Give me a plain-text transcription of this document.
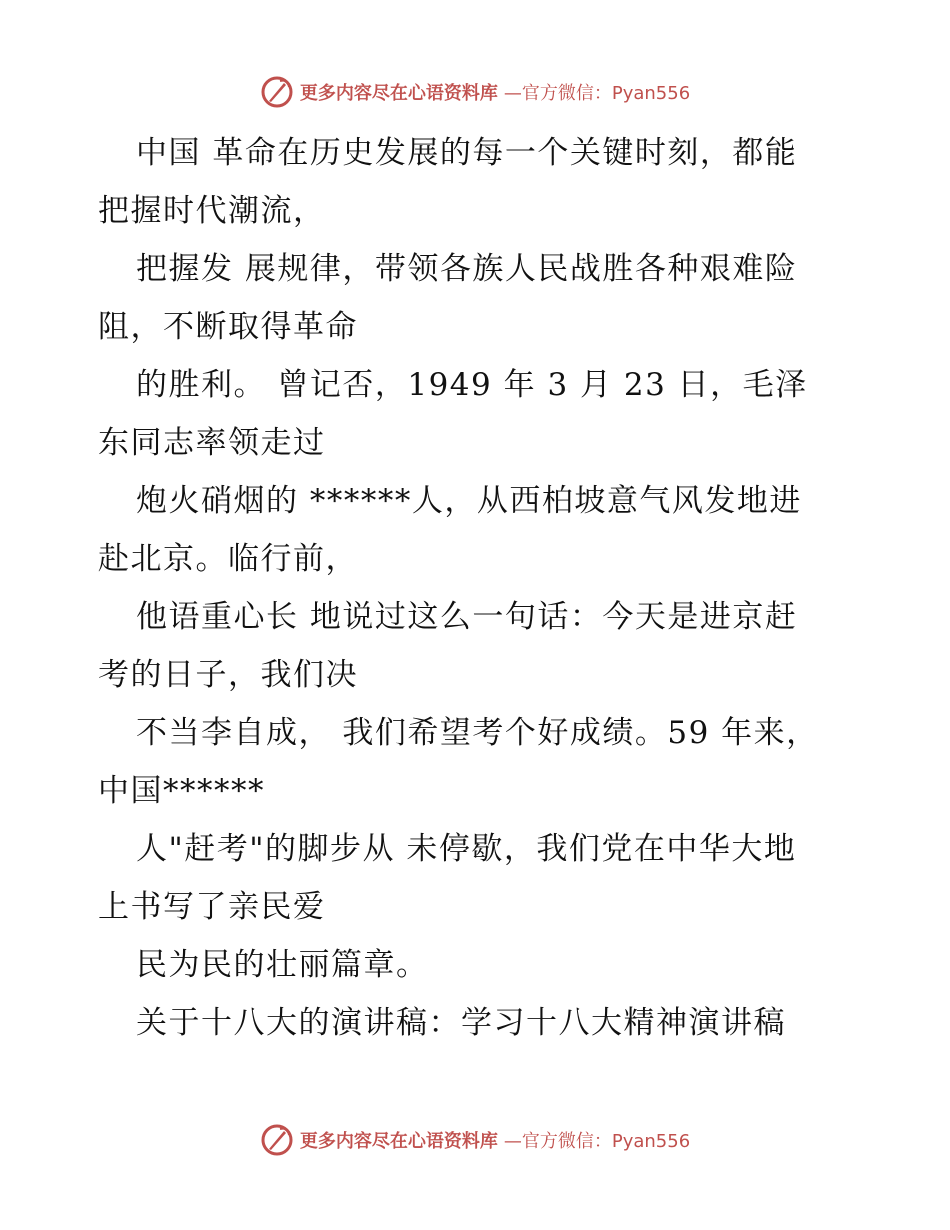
更多内容尽在心语资料库 —官方微信：Pyan556
中国 革命在历史发展的每一个关键时刻，都能
把握时代潮流，
把握发 展规律，带领各族人民战胜各种艰难险
阻，不断取得革命
的胜利。 曾记否，1949 年 3 月 23 日，毛泽
东同志率领走过
炮火硝烟的 ******人，从西柏坡意气风发地进
赴北京。临行前，
他语重心长 地说过这么一句话：今天是进京赶
考的日子，我们决
不当李自成， 我们希望考个好成绩。59 年来，
中国******
人"赶考"的脚步从 未停歇，我们党在中华大地
上书写了亲民爱
民为民的壮丽篇章。
关于十八大的演讲稿：学习十八大精神演讲稿
更多内容尽在心语资料库 —官方微信：Pyan556
